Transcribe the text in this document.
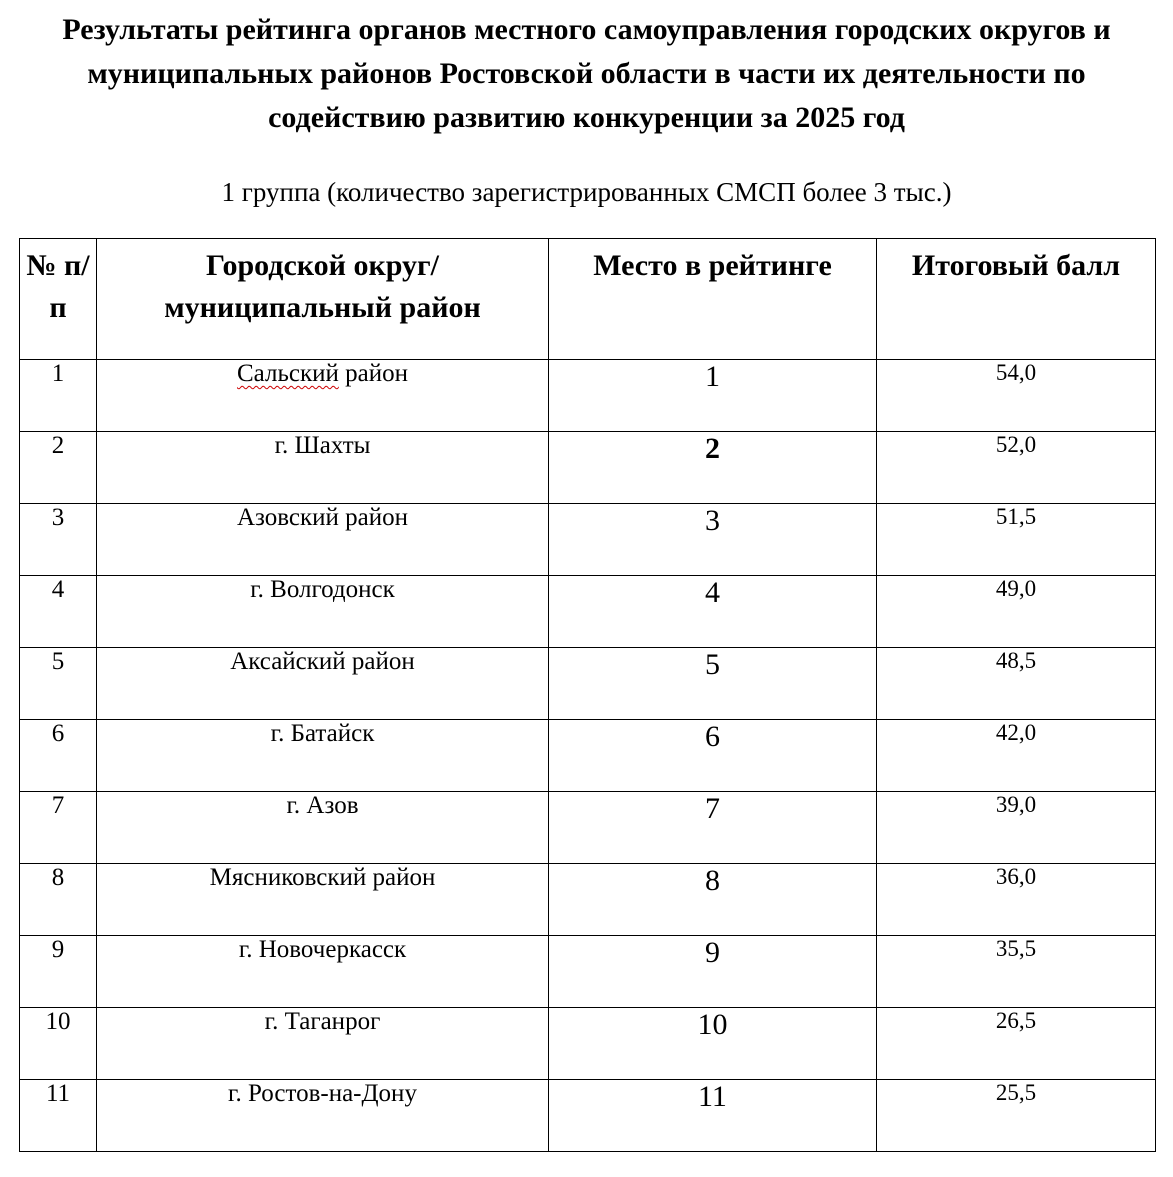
Результаты рейтинга органов местного самоуправления городских округов и муниципальных районов Ростовской области в части их деятельности по содействию развитию конкуренции за 2025 год

1 группа (количество зарегистрированных СМСП более 3 тыс.)

№ п/п	Городской округ/ муниципальный район	Место в рейтинге	Итоговый балл
1	Сальский район	1	54,0
2	г. Шахты	2	52,0
3	Азовский район	3	51,5
4	г. Волгодонск	4	49,0
5	Аксайский район	5	48,5
6	г. Батайск	6	42,0
7	г. Азов	7	39,0
8	Мясниковский район	8	36,0
9	г. Новочеркасск	9	35,5
10	г. Таганрог	10	26,5
11	г. Ростов-на-Дону	11	25,5
